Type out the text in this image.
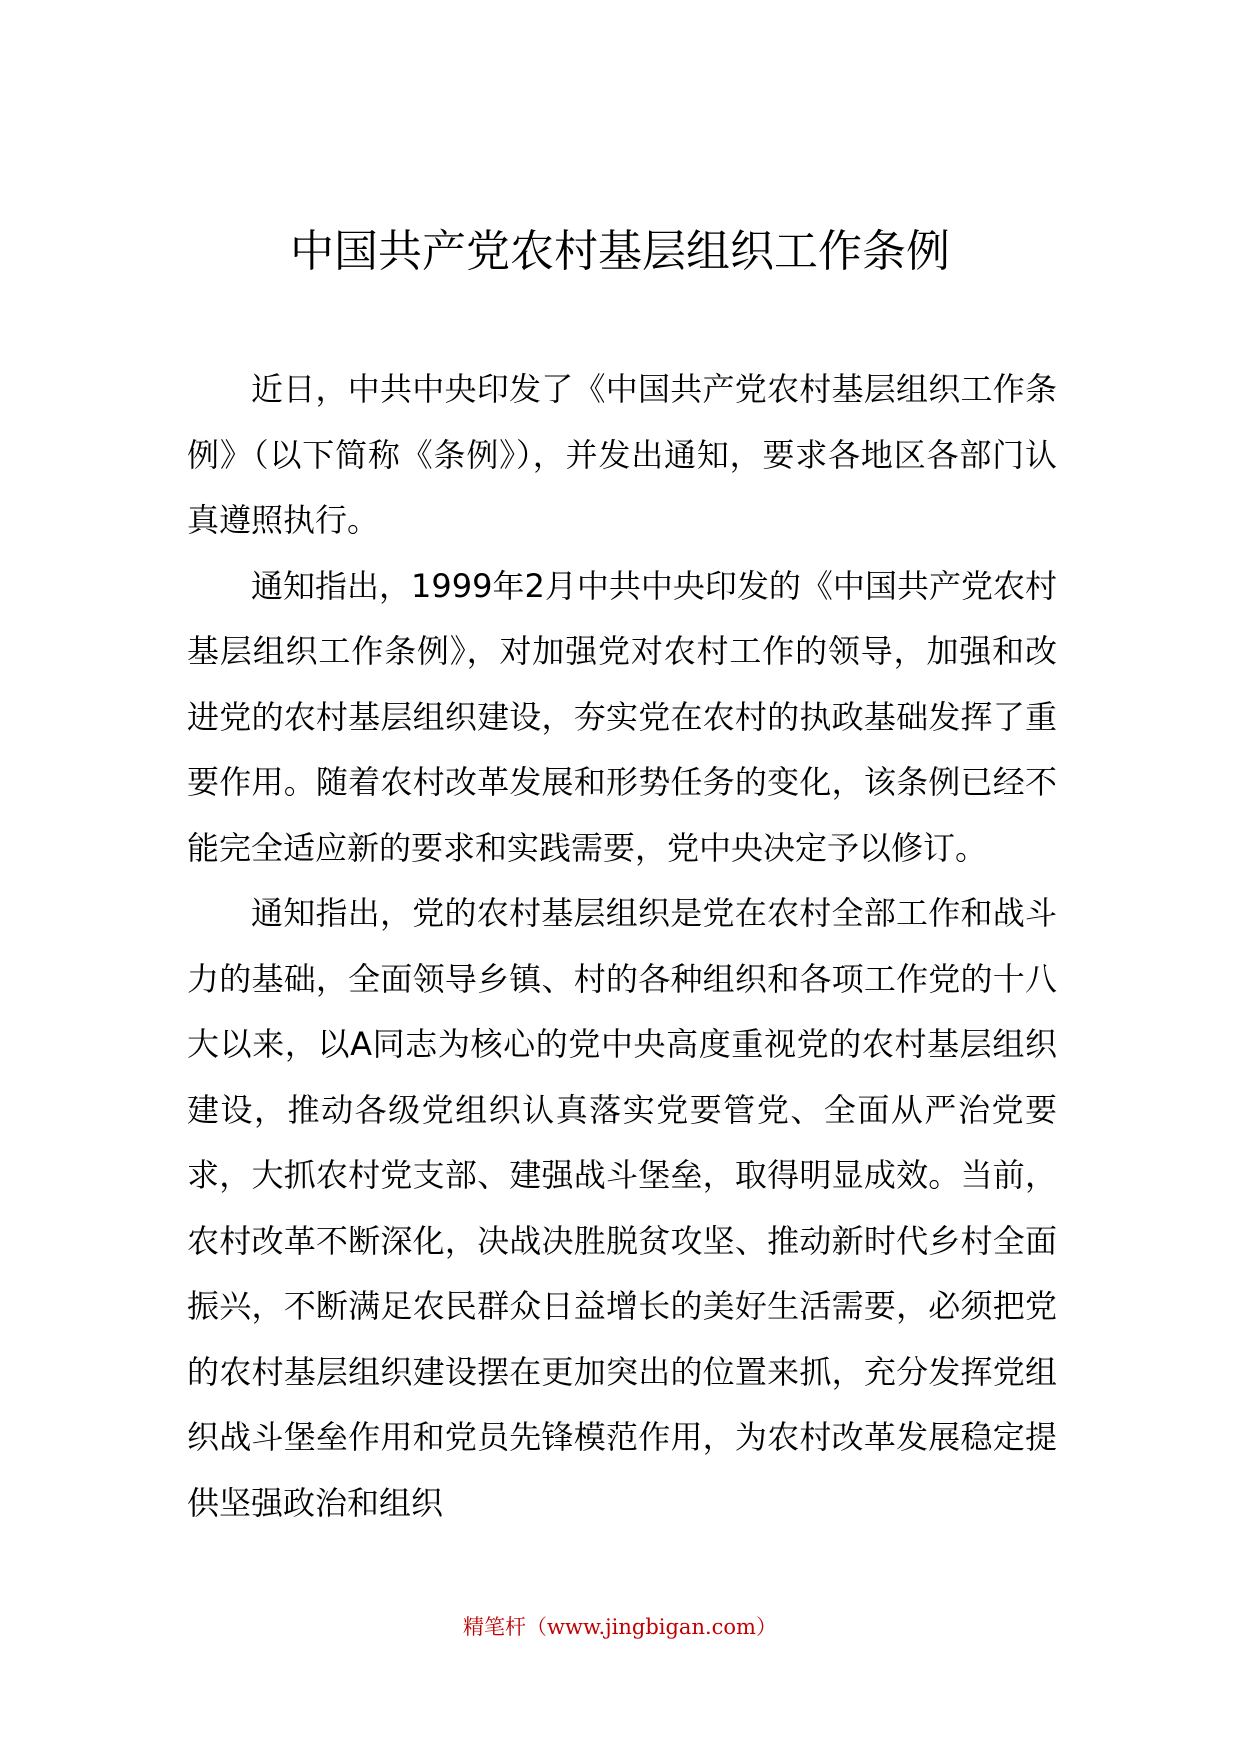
中国共产党农村基层组织工作条例

近日，中共中央印发了《中国共产党农村基层组织工作条例》（以下简称《条例》），并发出通知，要求各地区各部门认真遵照执行。

通知指出，1999年2月中共中央印发的《中国共产党农村基层组织工作条例》，对加强党对农村工作的领导，加强和改进党的农村基层组织建设，夯实党在农村的执政基础发挥了重要作用。随着农村改革发展和形势任务的变化，该条例已经不能完全适应新的要求和实践需要，党中央决定予以修订。

通知指出，党的农村基层组织是党在农村全部工作和战斗力的基础，全面领导乡镇、村的各种组织和各项工作党的十八大以来，以A同志为核心的党中央高度重视党的农村基层组织建设，推动各级党组织认真落实党要管党、全面从严治党要求，大抓农村党支部、建强战斗堡垒，取得明显成效。当前，农村改革不断深化，决战决胜脱贫攻坚、推动新时代乡村全面振兴，不断满足农民群众日益增长的美好生活需要，必须把党的农村基层组织建设摆在更加突出的位置来抓，充分发挥党组织战斗堡垒作用和党员先锋模范作用，为农村改革发展稳定提供坚强政治和组织

精笔杆（www.jingbigan.com）
